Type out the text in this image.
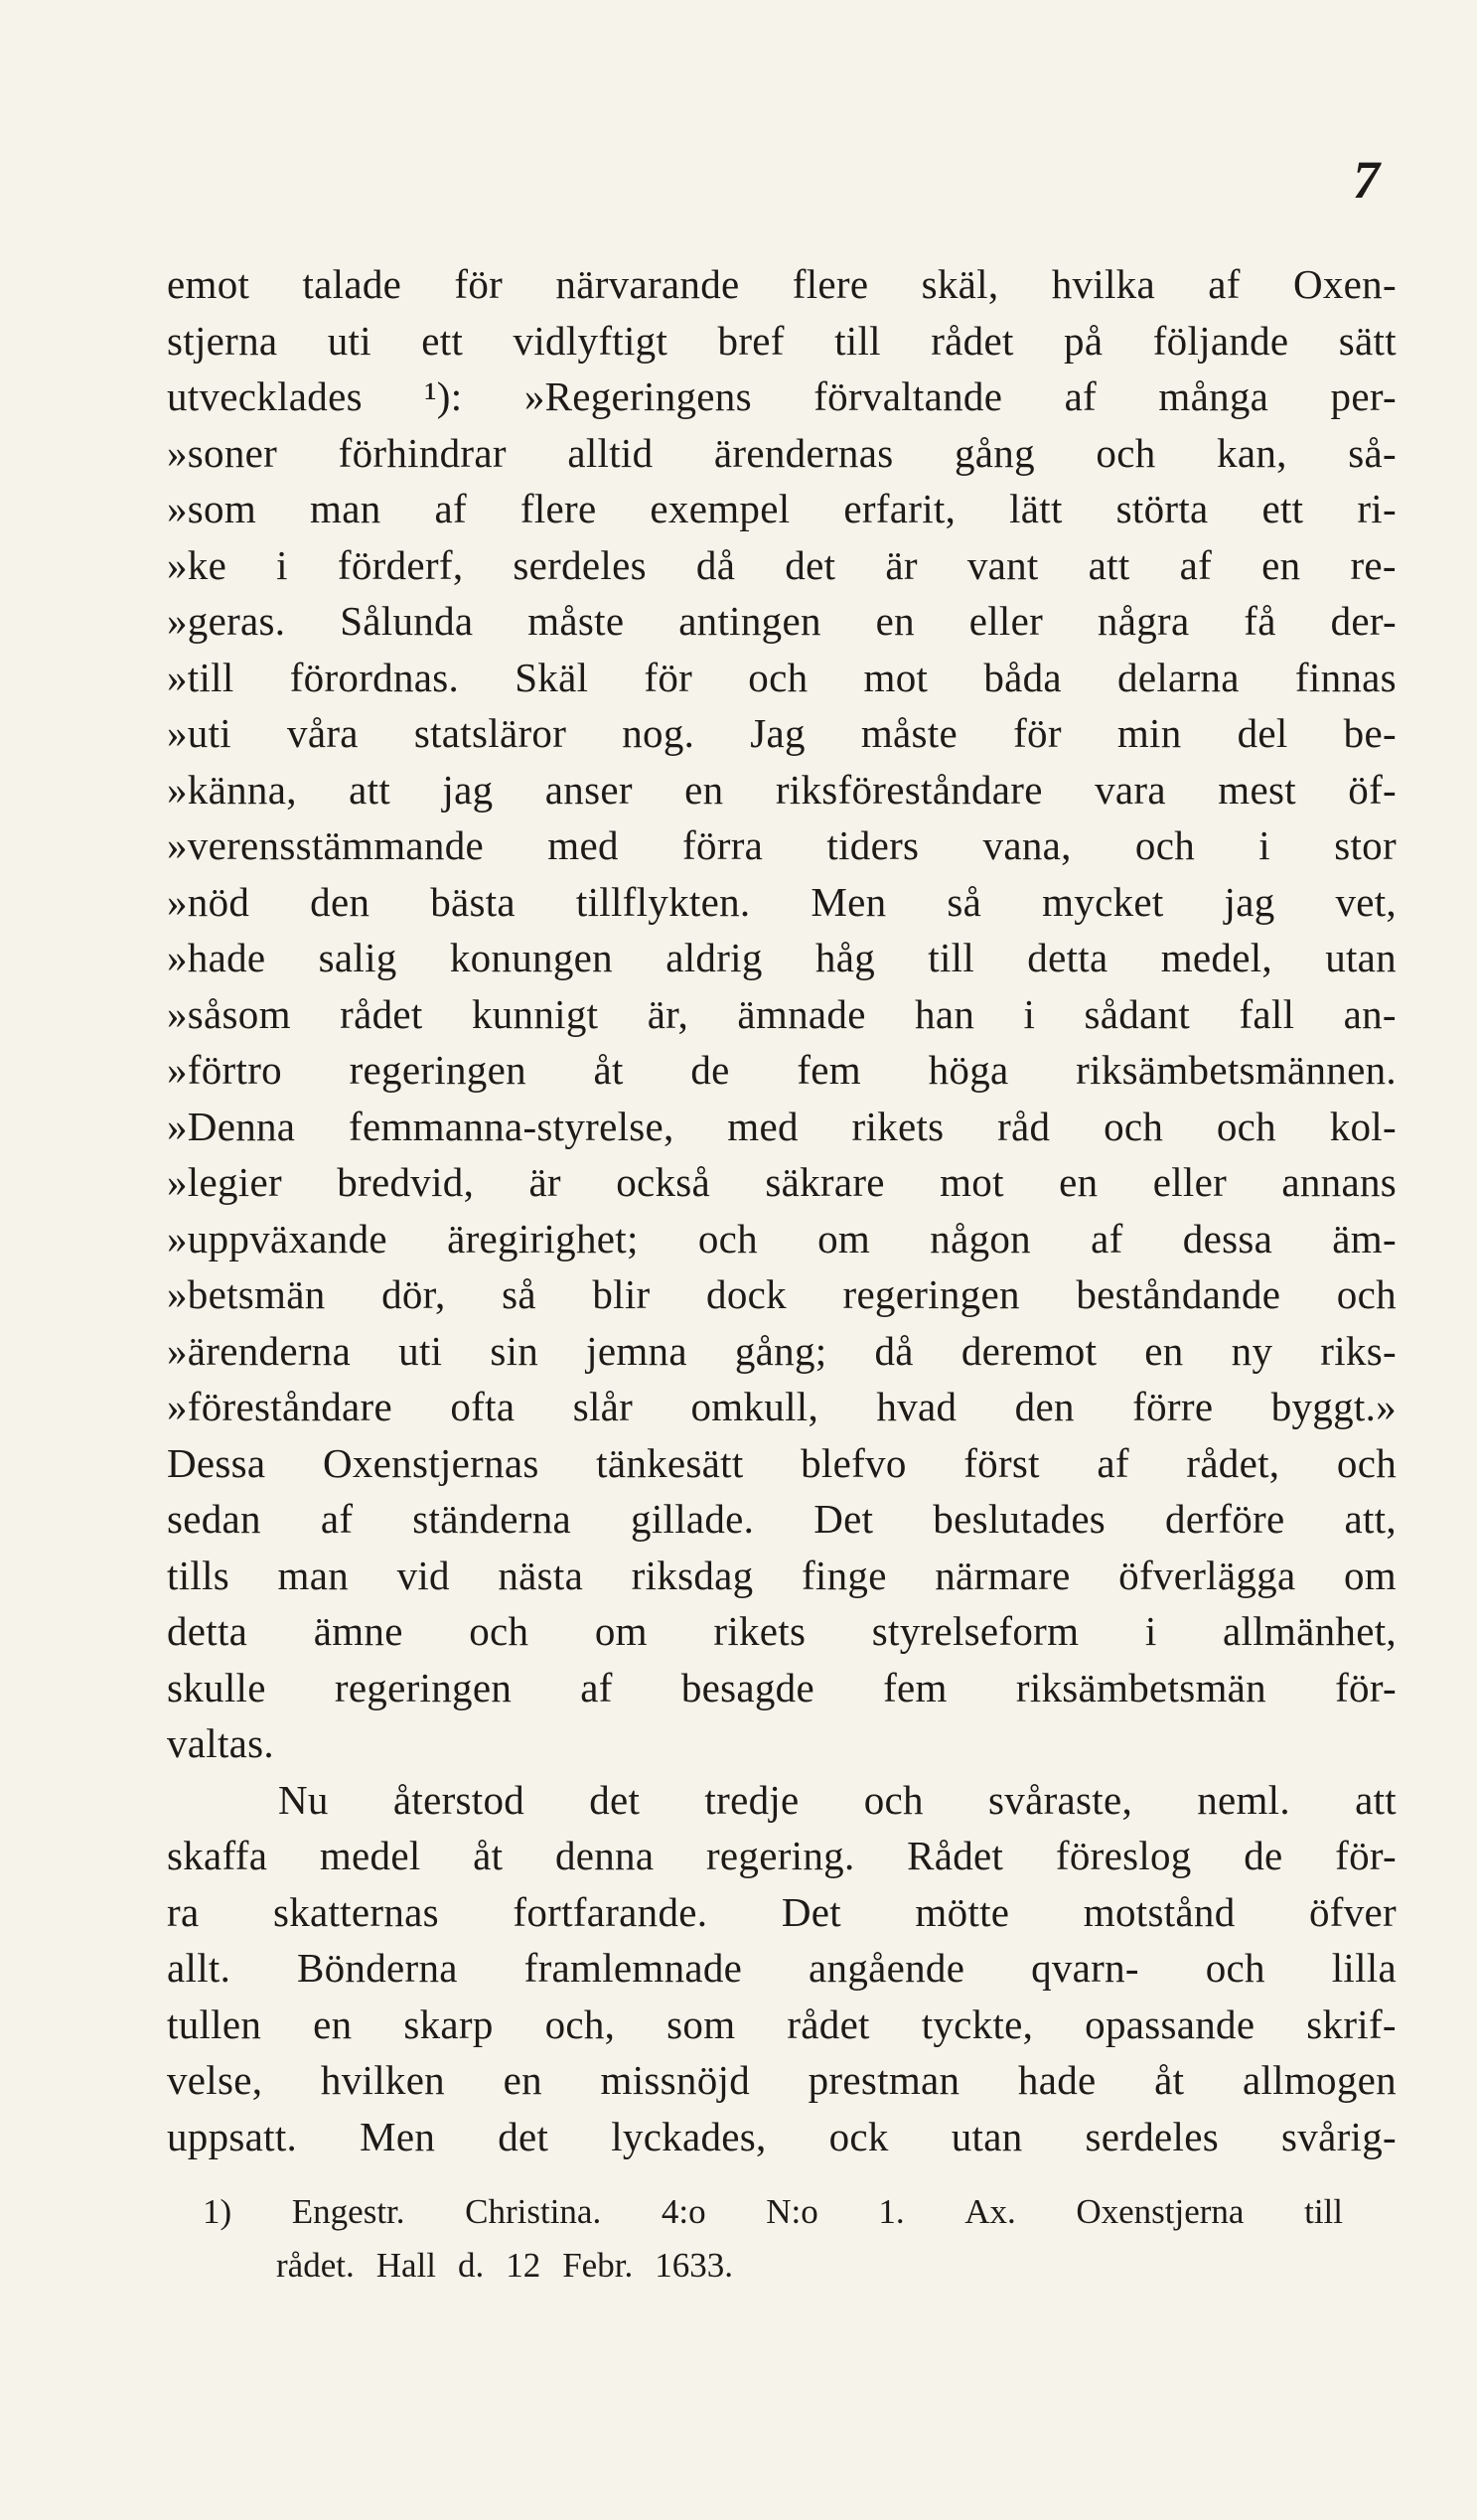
7
emot talade för närvarande flere skäl, hvilka af Oxen-
stjerna uti ett vidlyftigt bref till rådet på följande sätt
utvecklades ¹): »Regeringens förvaltande af många per-
»soner förhindrar alltid ärendernas gång och kan, så-
»som man af flere exempel erfarit, lätt störta ett ri-
»ke i förderf, serdeles då det är vant att af en re-
»geras. Sålunda måste antingen en eller några få der-
»till förordnas. Skäl för och mot båda delarna finnas
»uti våra statsläror nog. Jag måste för min del be-
»känna, att jag anser en riksföreståndare vara mest öf-
»verensstämmande med förra tiders vana, och i stor
»nöd den bästa tillflykten. Men så mycket jag vet,
»hade salig konungen aldrig håg till detta medel, utan
»såsom rådet kunnigt är, ämnade han i sådant fall an-
»förtro regeringen åt de fem höga riksämbetsmännen.
»Denna femmanna-styrelse, med rikets råd och och kol-
»legier bredvid, är också säkrare mot en eller annans
»uppväxande äregirighet; och om någon af dessa äm-
»betsmän dör, så blir dock regeringen beståndande och
»ärenderna uti sin jemna gång; då deremot en ny riks-
»föreståndare ofta slår omkull, hvad den förre byggt.»
Dessa Oxenstjernas tänkesätt blefvo först af rådet, och
sedan af ständerna gillade. Det beslutades derföre att,
tills man vid nästa riksdag finge närmare öfverlägga om
detta ämne och om rikets styrelseform i allmänhet,
skulle regeringen af besagde fem riksämbetsmän för-
valtas.
Nu återstod det tredje och svåraste, neml. att
skaffa medel åt denna regering. Rådet föreslog de för-
ra skatternas fortfarande. Det mötte motstånd öfver
allt. Bönderna framlemnade angående qvarn- och lilla
tullen en skarp och, som rådet tyckte, opassande skrif-
velse, hvilken en missnöjd prestman hade åt allmogen
uppsatt. Men det lyckades, ock utan serdeles svårig-
1) Engestr. Christina. 4:o N:o 1. Ax. Oxenstjerna till
rådet. Hall d. 12 Febr. 1633.
